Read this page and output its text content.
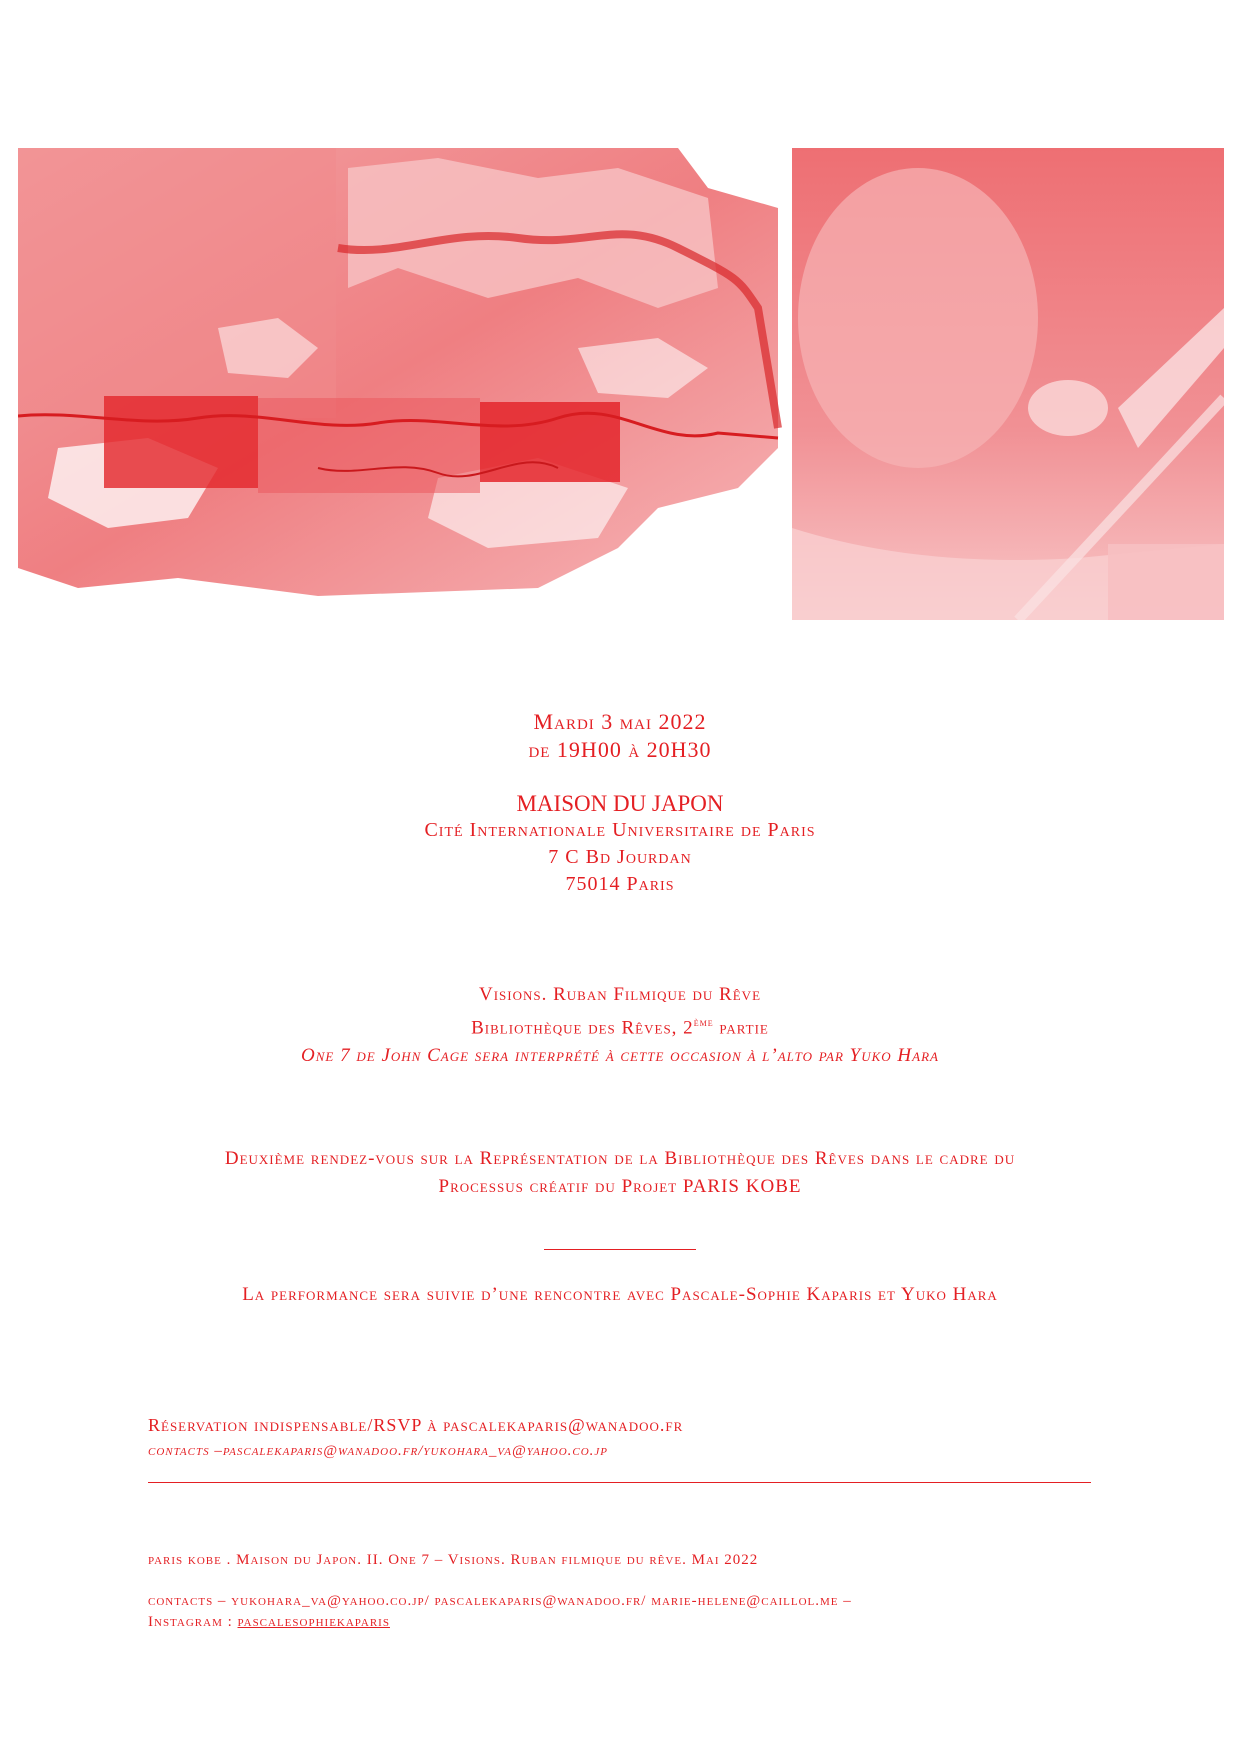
Mardi 3 mai 2022

de 19H00 à 20H30

MAISON DU JAPON

Cité Internationale Universitaire de Paris

7 C Bd Jourdan

75014 Paris

Visions. Ruban Filmique du Rêve

Bibliothèque des Rêves, 2ème partie

One 7 de John Cage sera interprété à cette occasion à l’alto par Yuko Hara

Deuxième rendez-vous sur la Représentation de la Bibliothèque des Rêves dans le cadre du

Processus créatif du Projet PARIS KOBE

La performance sera suivie d’une rencontre avec Pascale-Sophie Kaparis et Yuko Hara

Réservation indispensable/RSVP à pascalekaparis@wanadoo.fr

contacts –pascalekaparis@wanadoo.fr/yukohara_va@yahoo.co.jp

paris kobe . Maison du Japon. II. One 7 – Visions. Ruban filmique du rêve. Mai 2022

contacts – yukohara_va@yahoo.co.jp/ pascalekaparis@wanadoo.fr/ marie-helene@caillol.me –

Instagram : pascalesophiekaparis
